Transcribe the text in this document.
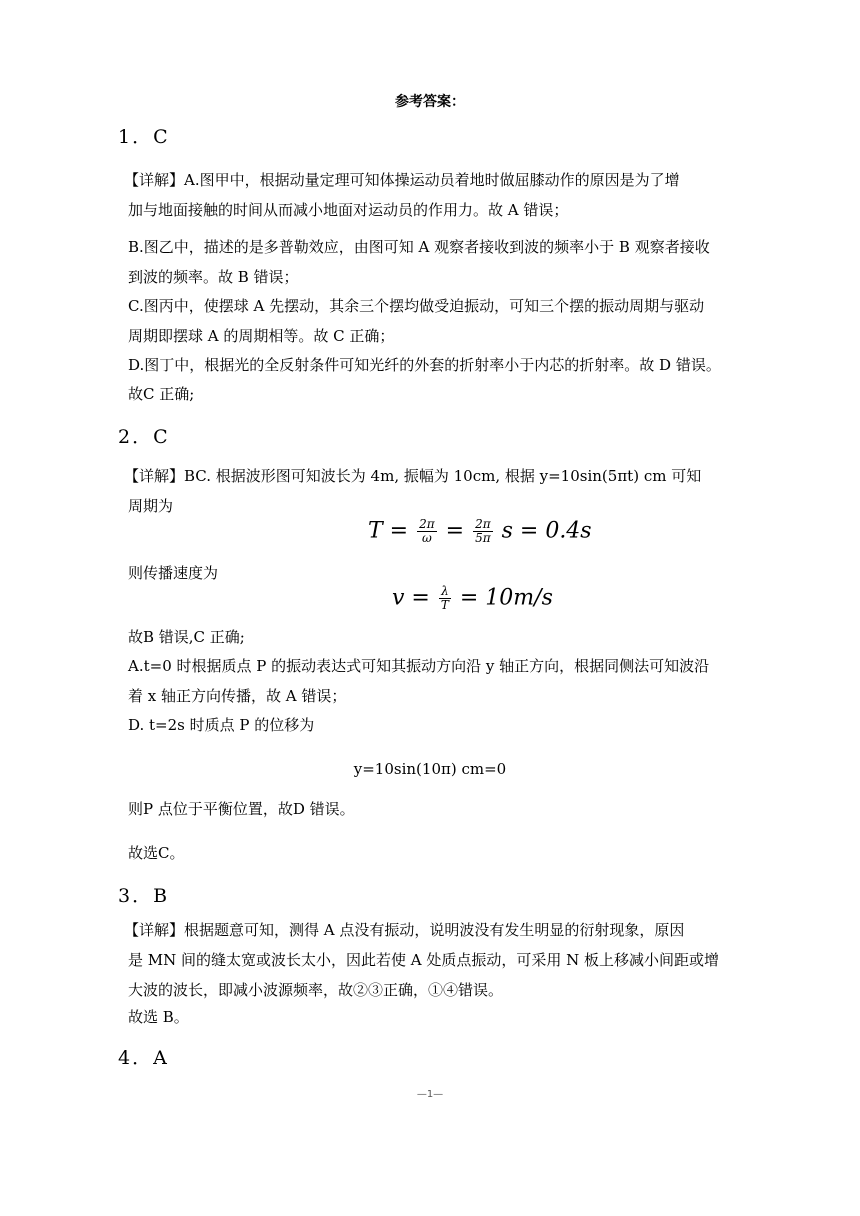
参考答案：
1．C
【详解】A.图甲中，根据动量定理可知体操运动员着地时做屈膝动作的原因是为了增
加与地面接触的时间从而减小地面对运动员的作用力。故 A 错误；
B.图乙中，描述的是多普勒效应，由图可知 A 观察者接收到波的频率小于 B 观察者接收
到波的频率。故 B 错误；
C.图丙中，使摆球 A 先摆动，其余三个摆均做受迫振动，可知三个摆的振动周期与驱动
周期即摆球 A 的周期相等。故 C 正确；
D.图丁中，根据光的全反射条件可知光纤的外套的折射率小于内芯的折射率。故 D 错误。
故C 正确;
2．C
【详解】BC. 根据波形图可知波长为 4m, 振幅为 10cm, 根据 y=10sin(5πt) cm 可知
周期为
$T = \frac{2\pi}{\omega} = \frac{2\pi}{5\pi}$ s = 0.4s
则传播速度为
$v = \frac{\lambda}{T} = 10m/s$
故B 错误,C 正确;
A.t=0 时根据质点 P 的振动表达式可知其振动方向沿 y 轴正方向，根据同侧法可知波沿
着 x 轴正方向传播，故 A 错误；
D. t=2s 时质点 P 的位移为
y=10sin(10π) cm=0
则P 点位于平衡位置，故D 错误。
故选C。
3．B
【详解】根据题意可知，测得 A 点没有振动，说明波没有发生明显的衍射现象，原因
是 MN 间的缝太宽或波长太小，因此若使 A 处质点振动，可采用 N 板上移减小间距或增
大波的波长，即减小波源频率，故②③正确，①④错误。
故选 B。
4．A
—1—
